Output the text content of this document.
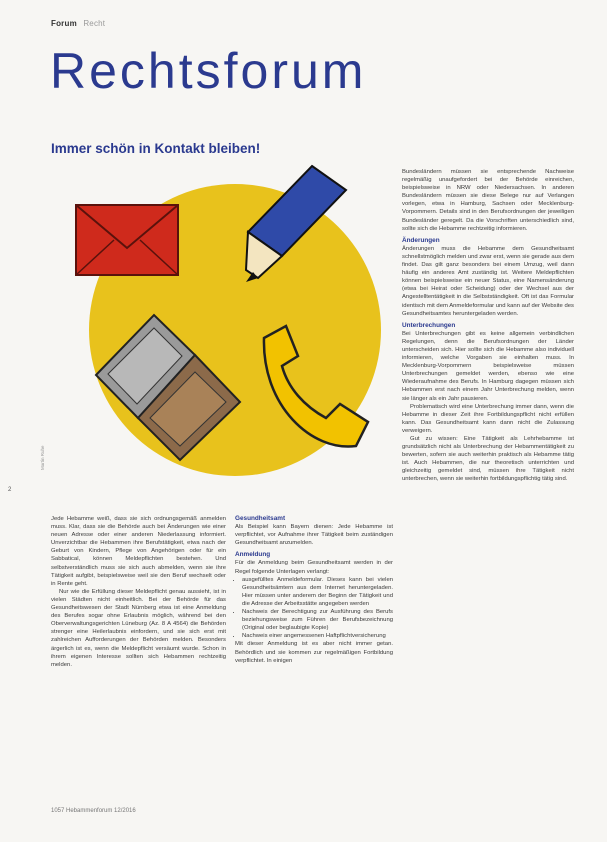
Forum Recht
Rechtsforum
Immer schön in Kontakt bleiben!
Martin Ruhe
2

Jede Hebamme weiß, dass sie sich ordnungsgemäß anmelden muss. Klar, dass sie die Behörde auch bei Änderungen wie einer neuen Adresse oder einer anderen Niederlassung informiert. Unverzichtbar die Hebammen ihre Berufstätigkeit, etwa nach der Geburt von Kindern, Pflege von Angehörigen oder für ein Sabbatical, können Meldepflichten bestehen. Und selbstverständlich muss sie sich auch abmelden, wenn sie ihre Tätigkeit aufgibt, beispielsweise weil sie den Beruf wechselt oder in Rente geht.

Nur wie die Erfüllung dieser Meldepflicht genau aussieht, ist in vielen Städten nicht einheitlich. Bei der Behörde für das Gesundheitswesen der Stadt Nürnberg etwa ist eine Anmeldung des Berufes sogar ohne Erlaubnis möglich, während bei den Oberverwaltungsgerichten Lüneburg (Az. 8 A 4564) die Behörden strenger eine Heilerlaubnis einfordern, und sie sich erst mit zahlreichen Aufforderungen der Behörden melden. Besonders ärgerlich ist es, wenn die Meldepflicht versäumt wurde. Schon in ihrem eigenen Interesse sollten sich Hebammen rechtzeitig melden.

Gesundheitsamt

Als Beispiel kann Bayern dienen: Jede Hebamme ist verpflichtet, vor Aufnahme ihrer Tätigkeit beim zuständigen Gesundheitsamt anzumelden.

Anmeldung

Für die Anmeldung beim Gesundheitsamt werden in der Regel folgende Unterlagen verlangt:

• ausgefülltes Anmeldeformular. Dieses kann bei vielen Gesundheitsämtern aus dem Internet heruntergeladen. Hier müssen unter anderem der Beginn der Tätigkeit und die Adresse der Arbeitsstätte angegeben werden
• Nachweis der Berechtigung zur Ausführung des Berufs beziehungsweise zum Führen der Berufsbezeichnung (Original oder beglaubigte Kopie)
• Nachweis einer angemessenen Haftpflichtversicherung

Mit dieser Anmeldung ist es aber nicht immer getan. Behördlich und sie kommen zur regelmäßigen Fortbildung verpflichtet. In einigen

Bundesländern müssen sie entsprechende Nachweise regelmäßig unaufgefordert bei der Behörde einreichen, beispielsweise in NRW oder Niedersachsen. In anderen Bundesländern müssen sie diese Belege nur auf Verlangen vorlegen, etwa in Hamburg, Sachsen oder Mecklenburg-Vorpommern. Details sind in den Berufsordnungen der jeweiligen Bundesländer geregelt. Da die Vorschriften unterschiedlich sind, sollte sich die Hebamme rechtzeitig informieren.

Änderungen

Änderungen muss die Hebamme dem Gesundheitsamt schnellstmöglich melden und zwar erst, wenn sie gerade aus dem findet. Das gilt ganz besonders bei einem Umzug, weil dann häufig ein anderes Amt zuständig ist. Weitere Meldepflichten können beispielsweise ein neuer Status, eine Namensänderung (etwa bei Heirat oder Scheidung) oder der Wechsel aus der Angestelltentätigkeit in die Selbstständigkeit. Oft ist das Formular identisch mit dem Anmeldeformular und kann auf der Website des Gesundheitsamtes heruntergeladen werden.

Unterbrechungen

Bei Unterbrechungen gibt es keine allgemein verbindlichen Regelungen, denn die Berufsordnungen der Länder unterscheiden sich. Hier sollte sich die Hebamme also individuell informieren, welche Vorgaben sie einhalten muss. In Mecklenburg-Vorpommern beispielsweise müssen Unterbrechungen gemeldet werden, ebenso wie eine Wiederaufnahme des Berufs. In Hamburg dagegen müssen sich Hebammen erst nach einem Jahr Unterbrechung melden, wenn sie länger als ein Jahr pausieren.

Problematisch wird eine Unterbrechung immer dann, wenn die Hebamme in dieser Zeit ihre Fortbildungspflicht nicht erfüllen kann. Das Gesundheitsamt kann dann nicht die Zulassung verweigern.

Gut zu wissen: Eine Tätigkeit als Lehrhebamme ist grundsätzlich nicht als Unterbrechung der Hebammentätigkeit zu bewerten, sofern sie auch weiterhin praktisch als Hebamme tätig ist. Auch Hebammen, die nur theoretisch unterrichten und gleichzeitig gemeldet sind, müssen ihre Tätigkeit nicht unterbrechen, wenn sie weiterhin fortbildungspflichtig tätig sind.

1057 Hebammenforum 12/2016
